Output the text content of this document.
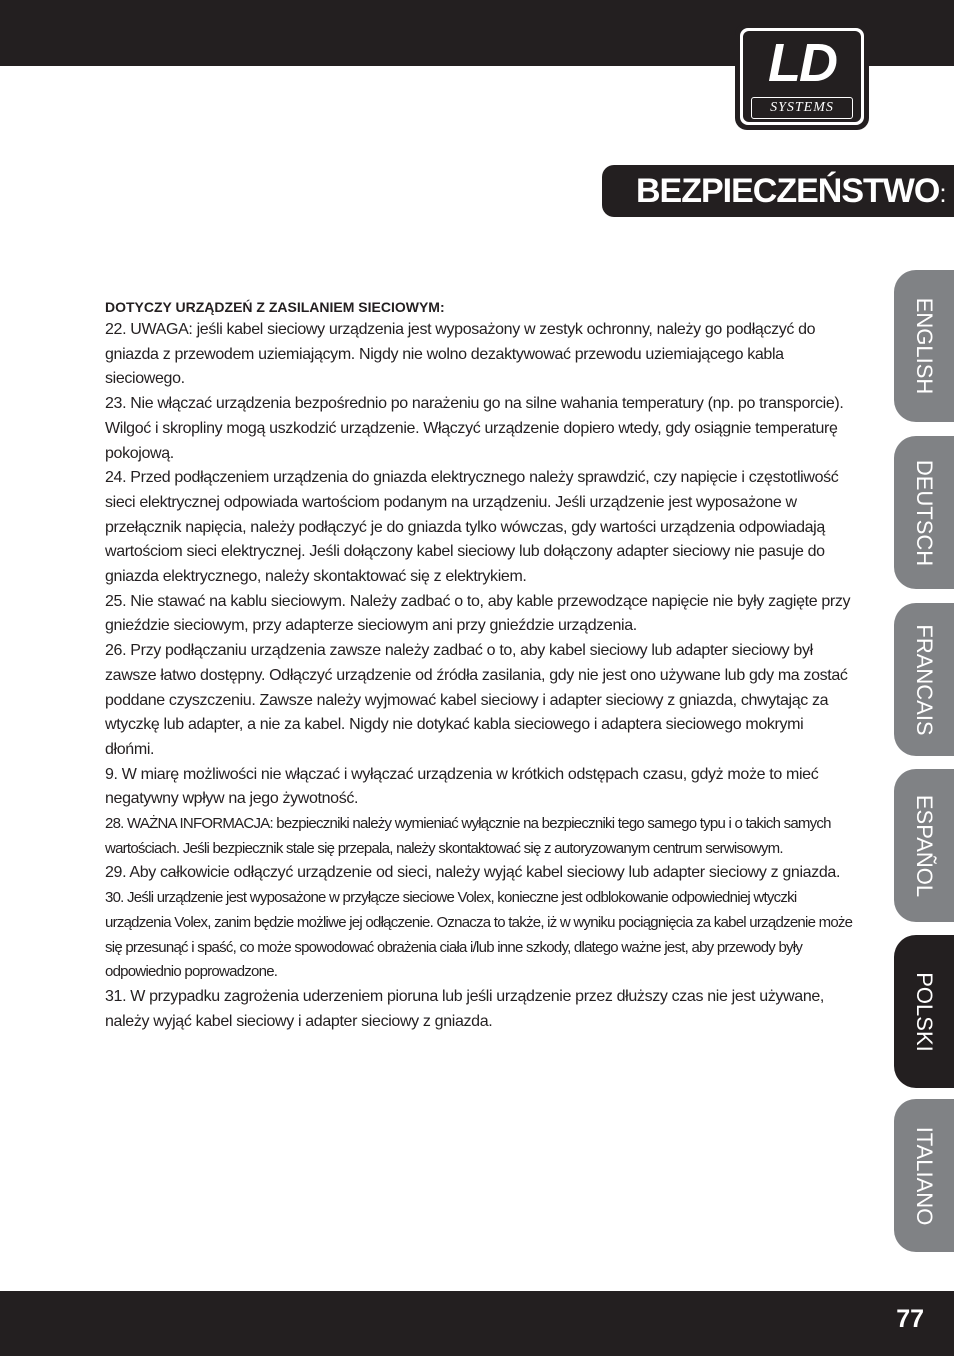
LD
SYSTEMS
BEZPIECZEŃSTWO:
ENGLISH
DEUTSCH
FRANCAIS
ESPAÑOL
POLSKI
ITALIANO

DOTYCZY URZĄDZEŃ Z ZASILANIEM SIECIOWYM:

22. UWAGA: jeśli kabel sieciowy urządzenia jest wyposażony w zestyk ochronny, należy go podłączyć do gniazda z przewodem uziemiającym. Nigdy nie wolno dezaktywować przewodu uziemiającego kabla sieciowego.

23. Nie włączać urządzenia bezpośrednio po narażeniu go na silne wahania temperatury (np. po transporcie). Wilgoć i skropliny mogą uszkodzić urządzenie. Włączyć urządzenie dopiero wtedy, gdy osiągnie temperaturę pokojową.

24. Przed podłączeniem urządzenia do gniazda elektrycznego należy sprawdzić, czy napięcie i częstotliwość sieci elektrycznej odpowiada wartościom podanym na urządzeniu. Jeśli urządzenie jest wyposażone w przełącznik napięcia, należy podłączyć je do gniazda tylko wówczas, gdy wartości urządzenia odpowiadają wartościom sieci elektrycznej. Jeśli dołączony kabel sieciowy lub dołączony adapter sieciowy nie pasuje do gniazda elektrycznego, należy skontaktować się z elektrykiem.

25. Nie stawać na kablu sieciowym. Należy zadbać o to, aby kable przewodzące napięcie nie były zagięte przy gnieździe sieciowym, przy adapterze sieciowym ani przy gnieździe urządzenia.

26. Przy podłączaniu urządzenia zawsze należy zadbać o to, aby kabel sieciowy lub adapter sieciowy był zawsze łatwo dostępny. Odłączyć urządzenie od źródła zasilania, gdy nie jest ono używane lub gdy ma zostać poddane czyszczeniu. Zawsze należy wyjmować kabel sieciowy i adapter sieciowy z gniazda, chwytając za wtyczkę lub adapter, a nie za kabel. Nigdy nie dotykać kabla sieciowego i adaptera sieciowego mokrymi dłońmi.

9. W miarę możliwości nie włączać i wyłączać urządzenia w krótkich odstępach czasu, gdyż może to mieć negatywny wpływ na jego żywotność.

28. WAŻNA INFORMACJA: bezpieczniki należy wymieniać wyłącznie na bezpieczniki tego samego typu i o takich samych wartościach. Jeśli bezpiecznik stale się przepala, należy skontaktować się z autoryzowanym centrum serwisowym.

29. Aby całkowicie odłączyć urządzenie od sieci, należy wyjąć kabel sieciowy lub adapter sieciowy z gniazda.

30. Jeśli urządzenie jest wyposażone w przyłącze sieciowe Volex, konieczne jest odblokowanie odpowiedniej wtyczki urządzenia Volex, zanim będzie możliwe jej odłączenie. Oznacza to także, iż w wyniku pociągnięcia za kabel urządzenie może się przesunąć i spaść, co może spowodować obrażenia ciała i/lub inne szkody, dlatego ważne jest, aby przewody były odpowiednio poprowadzone.

31. W przypadku zagrożenia uderzeniem pioruna lub jeśli urządzenie przez dłuższy czas nie jest używane, należy wyjąć kabel sieciowy i adapter sieciowy z gniazda.

77
